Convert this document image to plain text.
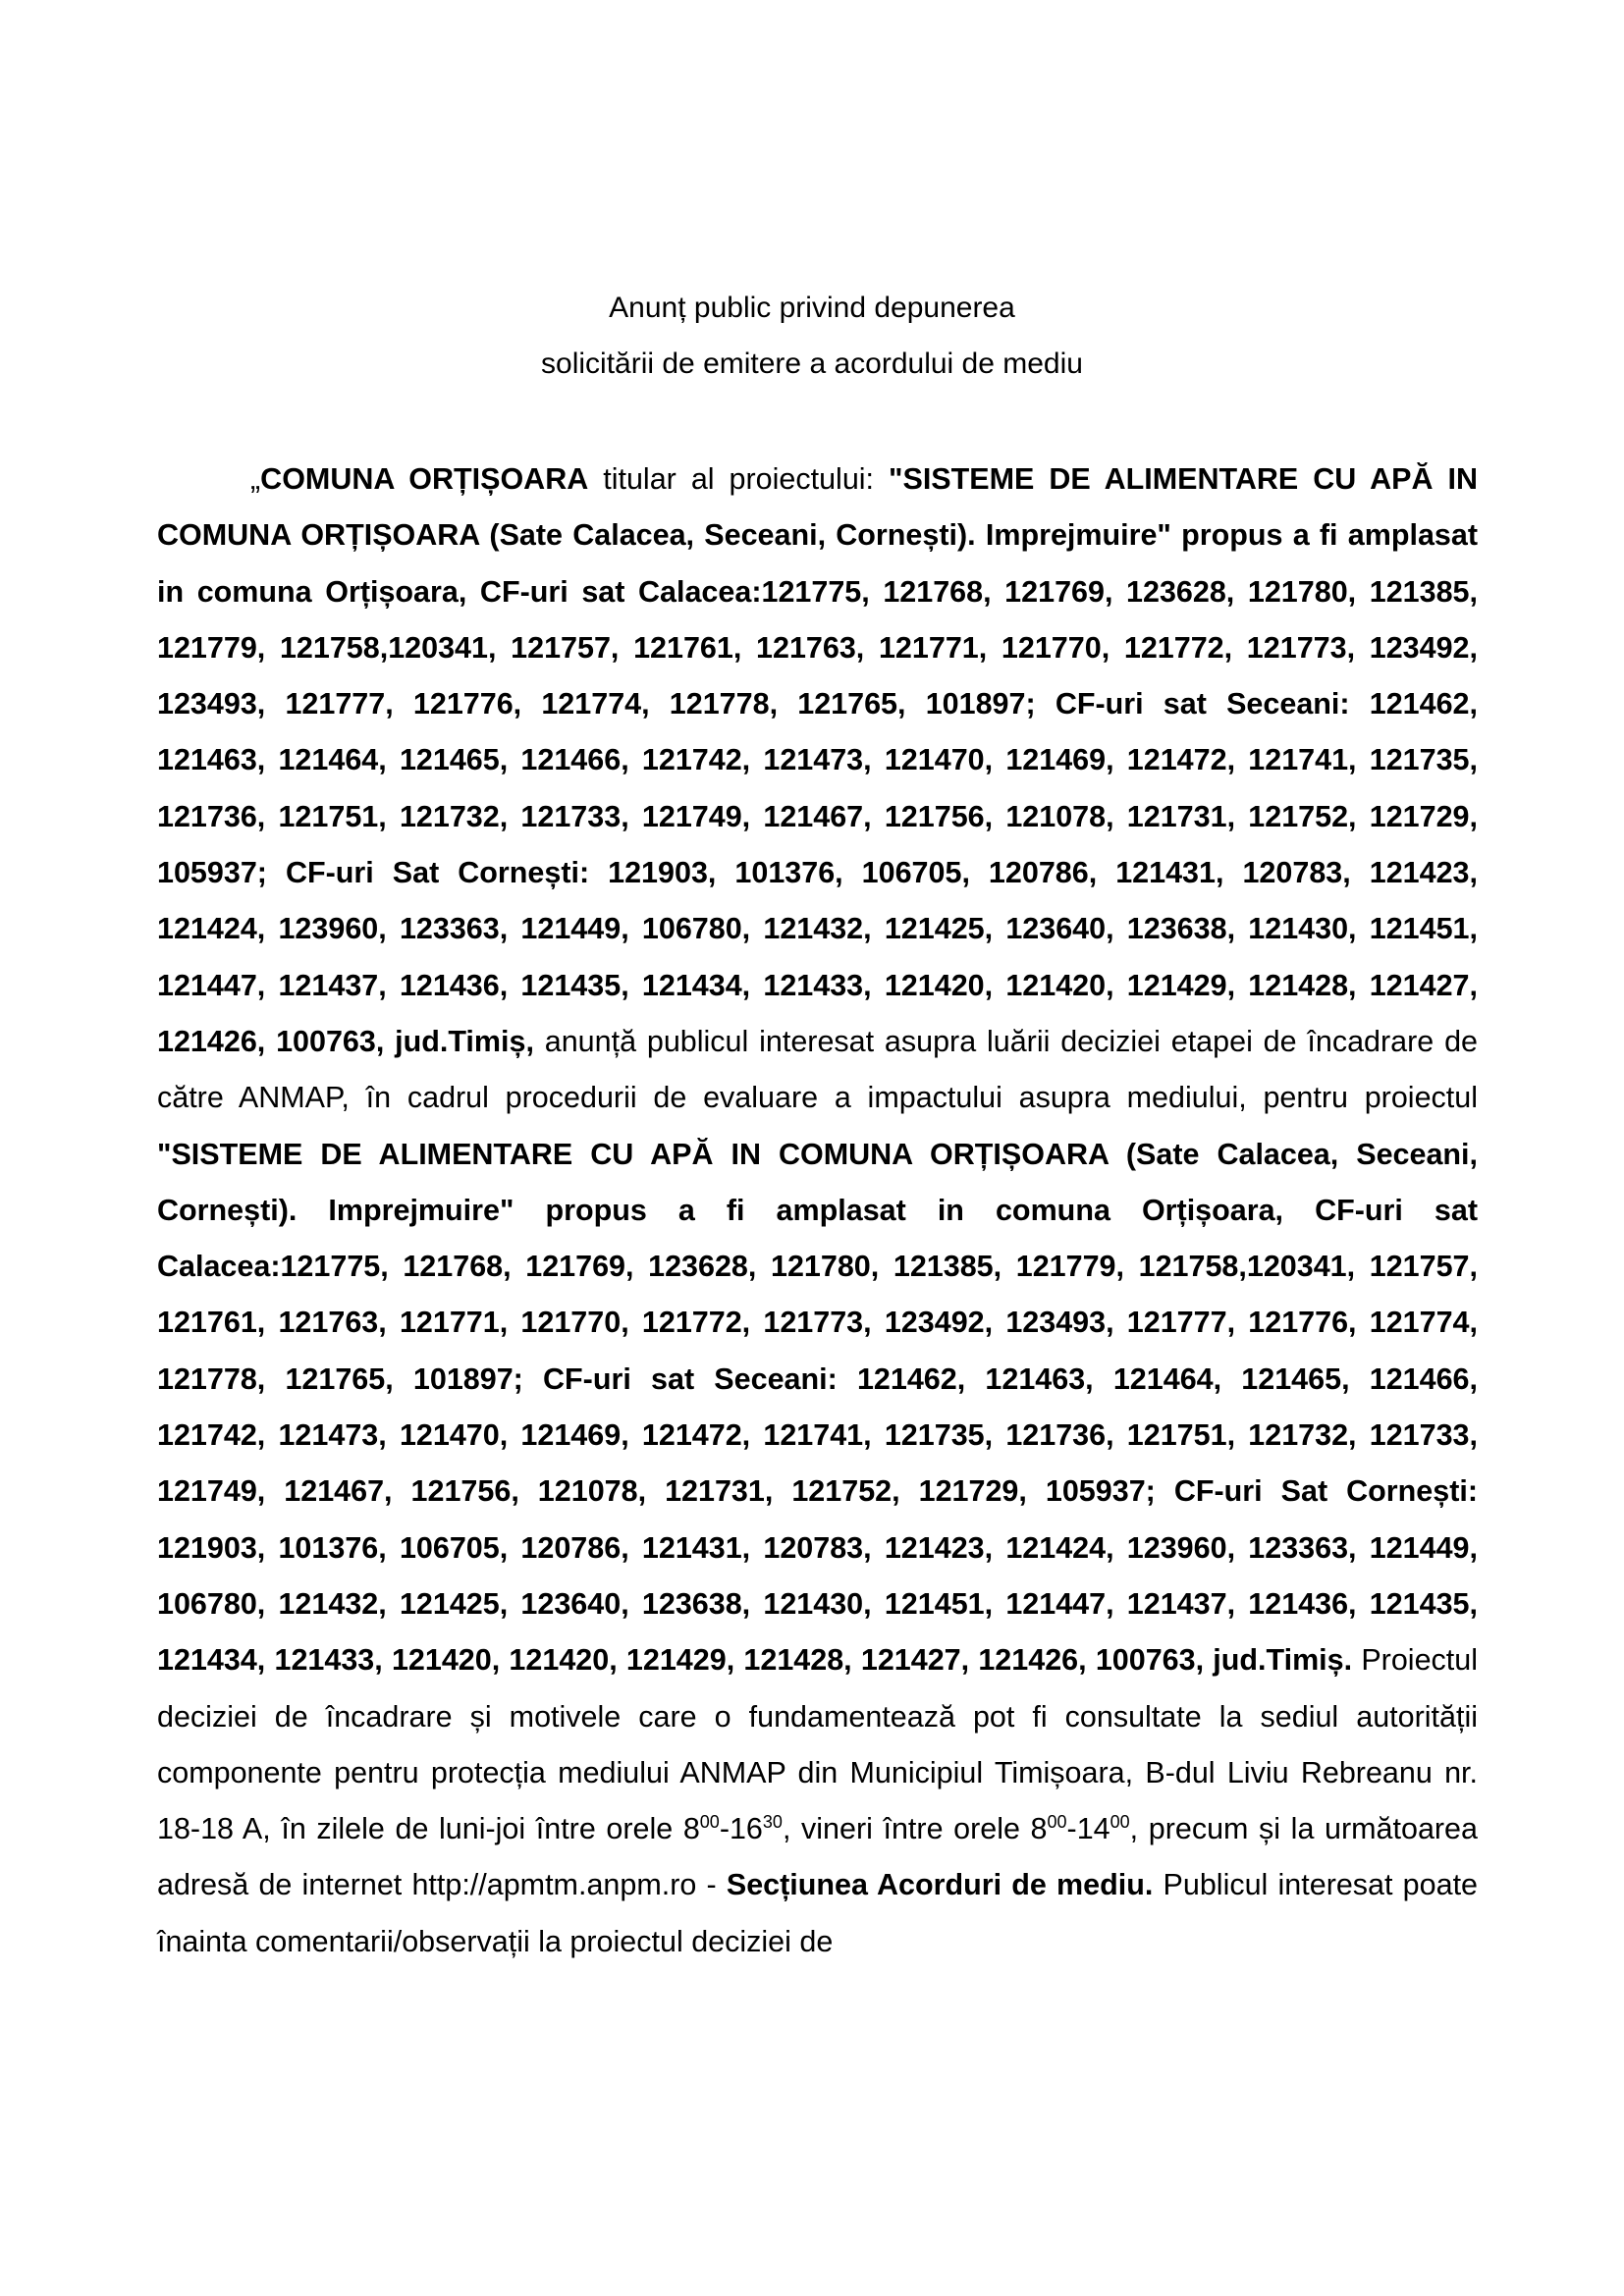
Anunț public privind depunerea
solicitării de emitere a acordului de mediu

„COMUNA ORȚIȘOARA titular al proiectului: "SISTEME DE ALIMENTARE CU APĂ IN COMUNA ORȚIȘOARA (Sate Calacea, Seceani, Cornești). Imprejmuire" propus a fi amplasat in comuna Orțișoara, CF-uri sat Calacea:121775, 121768, 121769, 123628, 121780, 121385, 121779, 121758,120341, 121757, 121761, 121763, 121771, 121770, 121772, 121773, 123492, 123493, 121777, 121776, 121774, 121778, 121765, 101897; CF-uri sat Seceani: 121462, 121463, 121464, 121465, 121466, 121742, 121473, 121470, 121469, 121472, 121741, 121735, 121736, 121751, 121732, 121733, 121749, 121467, 121756, 121078, 121731, 121752, 121729, 105937; CF-uri Sat Cornești: 121903, 101376, 106705, 120786, 121431, 120783, 121423, 121424, 123960, 123363, 121449, 106780, 121432, 121425, 123640, 123638, 121430, 121451, 121447, 121437, 121436, 121435, 121434, 121433, 121420, 121420, 121429, 121428, 121427, 121426, 100763, jud.Timiș, anunță publicul interesat asupra luării deciziei etapei de încadrare de către ANMAP, în cadrul procedurii de evaluare a impactului asupra mediului, pentru proiectul "SISTEME DE ALIMENTARE CU APĂ IN COMUNA ORȚIȘOARA (Sate Calacea, Seceani, Cornești). Imprejmuire" propus a fi amplasat in comuna Orțișoara, CF-uri sat Calacea:121775, 121768, 121769, 123628, 121780, 121385, 121779, 121758,120341, 121757, 121761, 121763, 121771, 121770, 121772, 121773, 123492, 123493, 121777, 121776, 121774, 121778, 121765, 101897; CF-uri sat Seceani: 121462, 121463, 121464, 121465, 121466, 121742, 121473, 121470, 121469, 121472, 121741, 121735, 121736, 121751, 121732, 121733, 121749, 121467, 121756, 121078, 121731, 121752, 121729, 105937; CF-uri Sat Cornești: 121903, 101376, 106705, 120786, 121431, 120783, 121423, 121424, 123960, 123363, 121449, 106780, 121432, 121425, 123640, 123638, 121430, 121451, 121447, 121437, 121436, 121435, 121434, 121433, 121420, 121420, 121429, 121428, 121427, 121426, 100763, jud.Timiș. Proiectul deciziei de încadrare și motivele care o fundamentează pot fi consultate la sediul autorității componente pentru protecția mediului ANMAP din Municipiul Timișoara, B-dul Liviu Rebreanu nr. 18-18 A, în zilele de luni-joi între orele $8^{00}-16^{30}$, vineri între orele $8^{00}-14^{00}$, precum și la următoarea adresă de internet http://apmtm.anpm.ro - Secțiunea Acorduri de mediu. Publicul interesat poate înainta comentarii/observații la proiectul deciziei de
